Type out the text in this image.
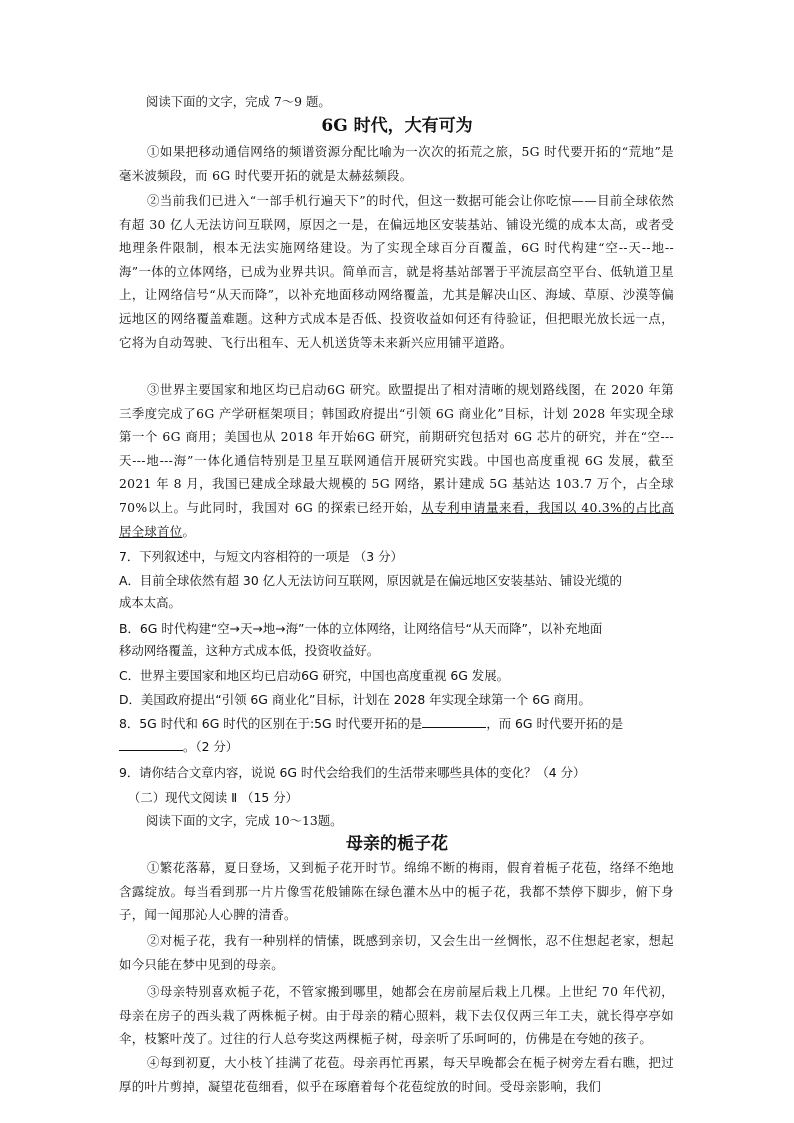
阅读下面的文字，完成 7～9 题。

6G 时代，大有可为

①如果把移动通信网络的频谱资源分配比喻为一次次的拓荒之旅，5G 时代要开拓的“荒地”是毫米波频段，而 6G 时代要开拓的就是太赫兹频段。

②当前我们已进入“一部手机行遍天下”的时代，但这一数据可能会让你吃惊——目前全球依然有超 30 亿人无法访问互联网，原因之一是，在偏远地区安装基站、铺设光缆的成本太高，或者受地理条件限制，根本无法实施网络建设。为了实现全球百分百覆盖，6G 时代构建“空--天--地--海”一体的立体网络，已成为业界共识。简单而言，就是将基站部署于平流层高空平台、低轨道卫星上，让网络信号“从天而降”，以补充地面移动网络覆盖，尤其是解决山区、海域、草原、沙漠等偏远地区的网络覆盖难题。这种方式成本是否低、投资收益如何还有待验证，但把眼光放长远一点，它将为自动驾驶、飞行出租车、无人机送货等未来新兴应用铺平道路。

③世界主要国家和地区均已启动6G 研究。欧盟提出了相对清晰的规划路线图，在 2020 年第三季度完成了6G 产学研框架项目；韩国政府提出“引领 6G 商业化”目标，计划 2028 年实现全球第一个 6G 商用；美国也从 2018 年开始6G 研究，前期研究包括对 6G 芯片的研究，并在“空---天---地---海”一体化通信特别是卫星互联网通信开展研究实践。中国也高度重视 6G 发展，截至 2021 年 8 月，我国已建成全球最大规模的 5G 网络，累计建成 5G 基站达 103.7 万个，占全球 70%以上。与此同时，我国对 6G 的探索已经开始，从专利申请量来看，我国以 40.3%的占比高居全球首位。

7．下列叙述中，与短文内容相符的一项是 （3 分）

A．目前全球依然有超 30 亿人无法访问互联网，原因就是在偏远地区安装基站、铺设光缆的

成本太高。

B．6G 时代构建“空→天→地→海”一体的立体网络，让网络信号“从天而降”，以补充地面

移动网络覆盖，这种方式成本低，投资收益好。

C．世界主要国家和地区均已启动6G 研究，中国也高度重视 6G 发展。

D．美国政府提出“引领 6G 商业化”目标，计划在 2028 年实现全球第一个 6G 商用。

8．5G 时代和 6G 时代的区别在于:5G 时代要开拓的是	，而 6G 时代要开拓的是

。（2 分）

9．请你结合文章内容，说说 6G 时代会给我们的生活带来哪些具体的变化？（4 分）

（二）现代文阅读 Ⅱ （15 分）

阅读下面的文字，完成 10～13题。

母亲的栀子花

①繁花落幕，夏日登场，又到栀子花开时节。绵绵不断的梅雨，假育着栀子花苞，络绎不绝地含露绽放。每当看到那一片片像雪花般铺陈在绿色灌木丛中的栀子花，我都不禁停下脚步，俯下身子，闻一闻那沁人心脾的清香。

②对栀子花，我有一种别样的情愫，既感到亲切，又会生出一丝惆怅，忍不住想起老家，想起如今只能在梦中见到的母亲。

③母亲特别喜欢栀子花，不管家搬到哪里，她都会在房前屋后栽上几棵。上世纪 70 年代初，母亲在房子的西头栽了两株栀子树。由于母亲的精心照料，栽下去仅仅两三年工夫，就长得亭亭如伞，枝繁叶茂了。过往的行人总夸奖这两棵栀子树，母亲听了乐呵呵的，仿佛是在夸她的孩子。

④每到初夏，大小枝丫挂满了花苞。母亲再忙再累，每天早晚都会在栀子树旁左看右瞧，把过厚的叶片剪掉，凝望花苞细看，似乎在琢磨着每个花苞绽放的时间。受母亲影响，我们
